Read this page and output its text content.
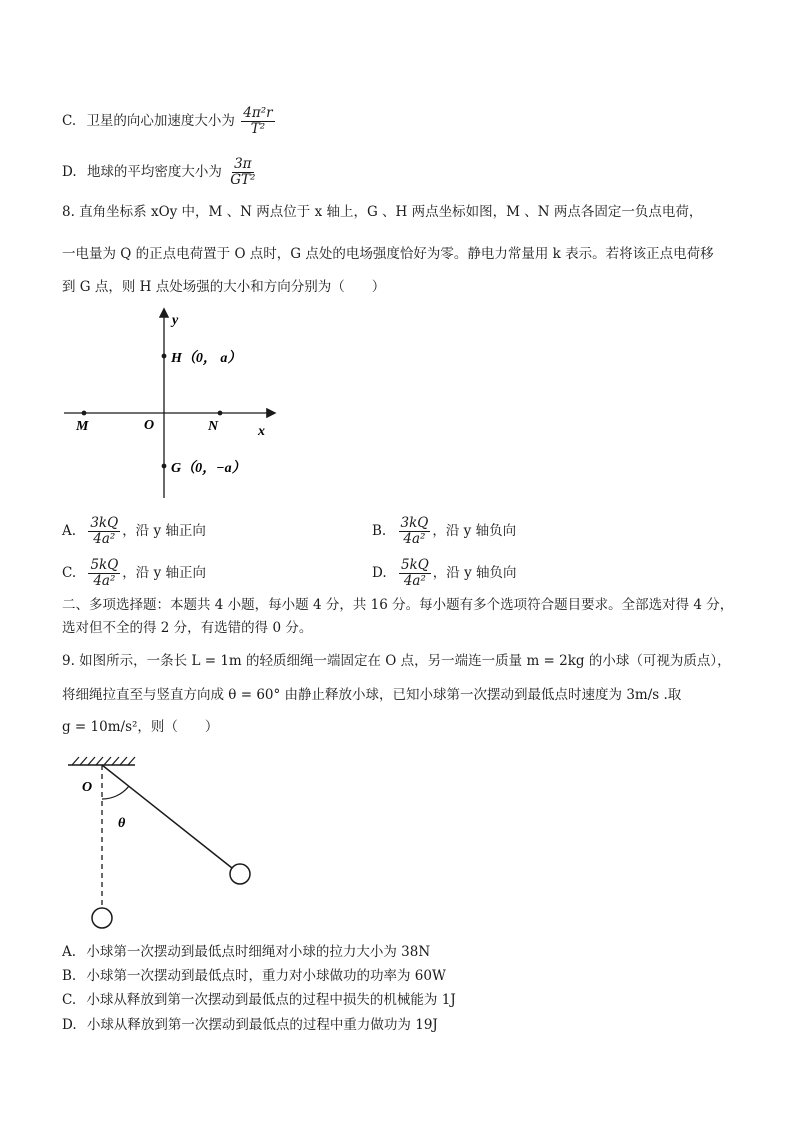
C. 卫星的向心加速度大小为 $\frac{\text{4π²r}}{\text{T²}}$
D. 地球的平均密度大小为 $\frac{3\pi}{\text{GT²}}$
8. 直角坐标系 xOy 中，M 、N 两点位于 x 轴上，G 、H 两点坐标如图，M 、N 两点各固定一负点电荷，
一电量为 Q 的正点电荷置于 O 点时，G 点处的电场强度恰好为零。静电力常量用 k 表示。若将该正点电荷移
到 G 点，则 H 点处场强的大小和方向分别为（　　）
y
x
O
M	N
H（0， a）
G（0，−a）
A. $\frac{3kQ}{\text{4a²}}$ ，沿 y 轴正向	B. $\frac{3kQ}{\text{4a²}}$ ，沿 y 轴负向
C. $\frac{5kQ}{\text{4a²}}$ ，沿 y 轴正向	D. $\frac{5kQ}{\text{4a²}}$ ，沿 y 轴负向
二、多项选择题：本题共 4 小题，每小题 4 分，共 16 分。每小题有多个选项符合题目要求。全部选对得 4 分，
选对但不全的得 2 分，有选错的得 0 分。
9. 如图所示，一条长 L = 1m 的轻质细绳一端固定在 O 点，另一端连一质量 m = 2kg 的小球（可视为质点），
将细绳拉直至与竖直方向成 θ = 60° 由静止释放小球，已知小球第一次摆动到最低点时速度为 3m/s .取
g = 10m/s²，则（　　）
O
θ
A. 小球第一次摆动到最低点时细绳对小球的拉力大小为 38N
B. 小球第一次摆动到最低点时，重力对小球做功的功率为 60W
C. 小球从释放到第一次摆动到最低点的过程中损失的机械能为 1J
D. 小球从释放到第一次摆动到最低点的过程中重力做功为 19J
